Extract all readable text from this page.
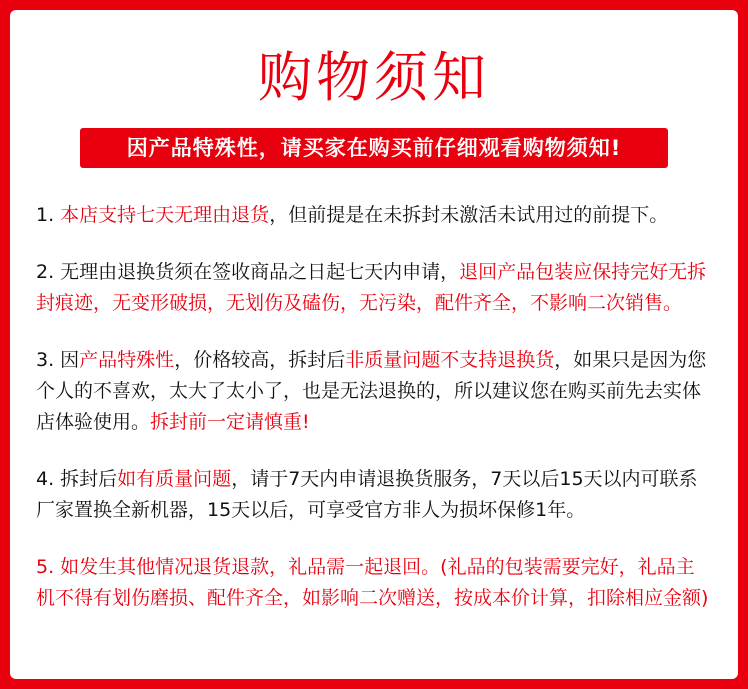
购物须知
因产品特殊性，请买家在购买前仔细观看购物须知!

1. 本店支持七天无理由退货，但前提是在未拆封未激活未试用过的前提下。

2. 无理由退换货须在签收商品之日起七天内申请，退回产品包装应保持完好无拆封痕迹，无变形破损，无划伤及磕伤，无污染，配件齐全，不影响二次销售。

3. 因产品特殊性，价格较高，拆封后非质量问题不支持退换货，如果只是因为您个人的不喜欢，太大了太小了，也是无法退换的，所以建议您在购买前先去实体店体验使用。拆封前一定请慎重!

4. 拆封后如有质量问题，请于7天内申请退换货服务，7天以后15天以内可联系厂家置换全新机器，15天以后，可享受官方非人为损坏保修1年。

5. 如发生其他情况退货退款，礼品需一起退回。(礼品的包装需要完好，礼品主机不得有划伤磨损、配件齐全，如影响二次赠送，按成本价计算，扣除相应金额)
